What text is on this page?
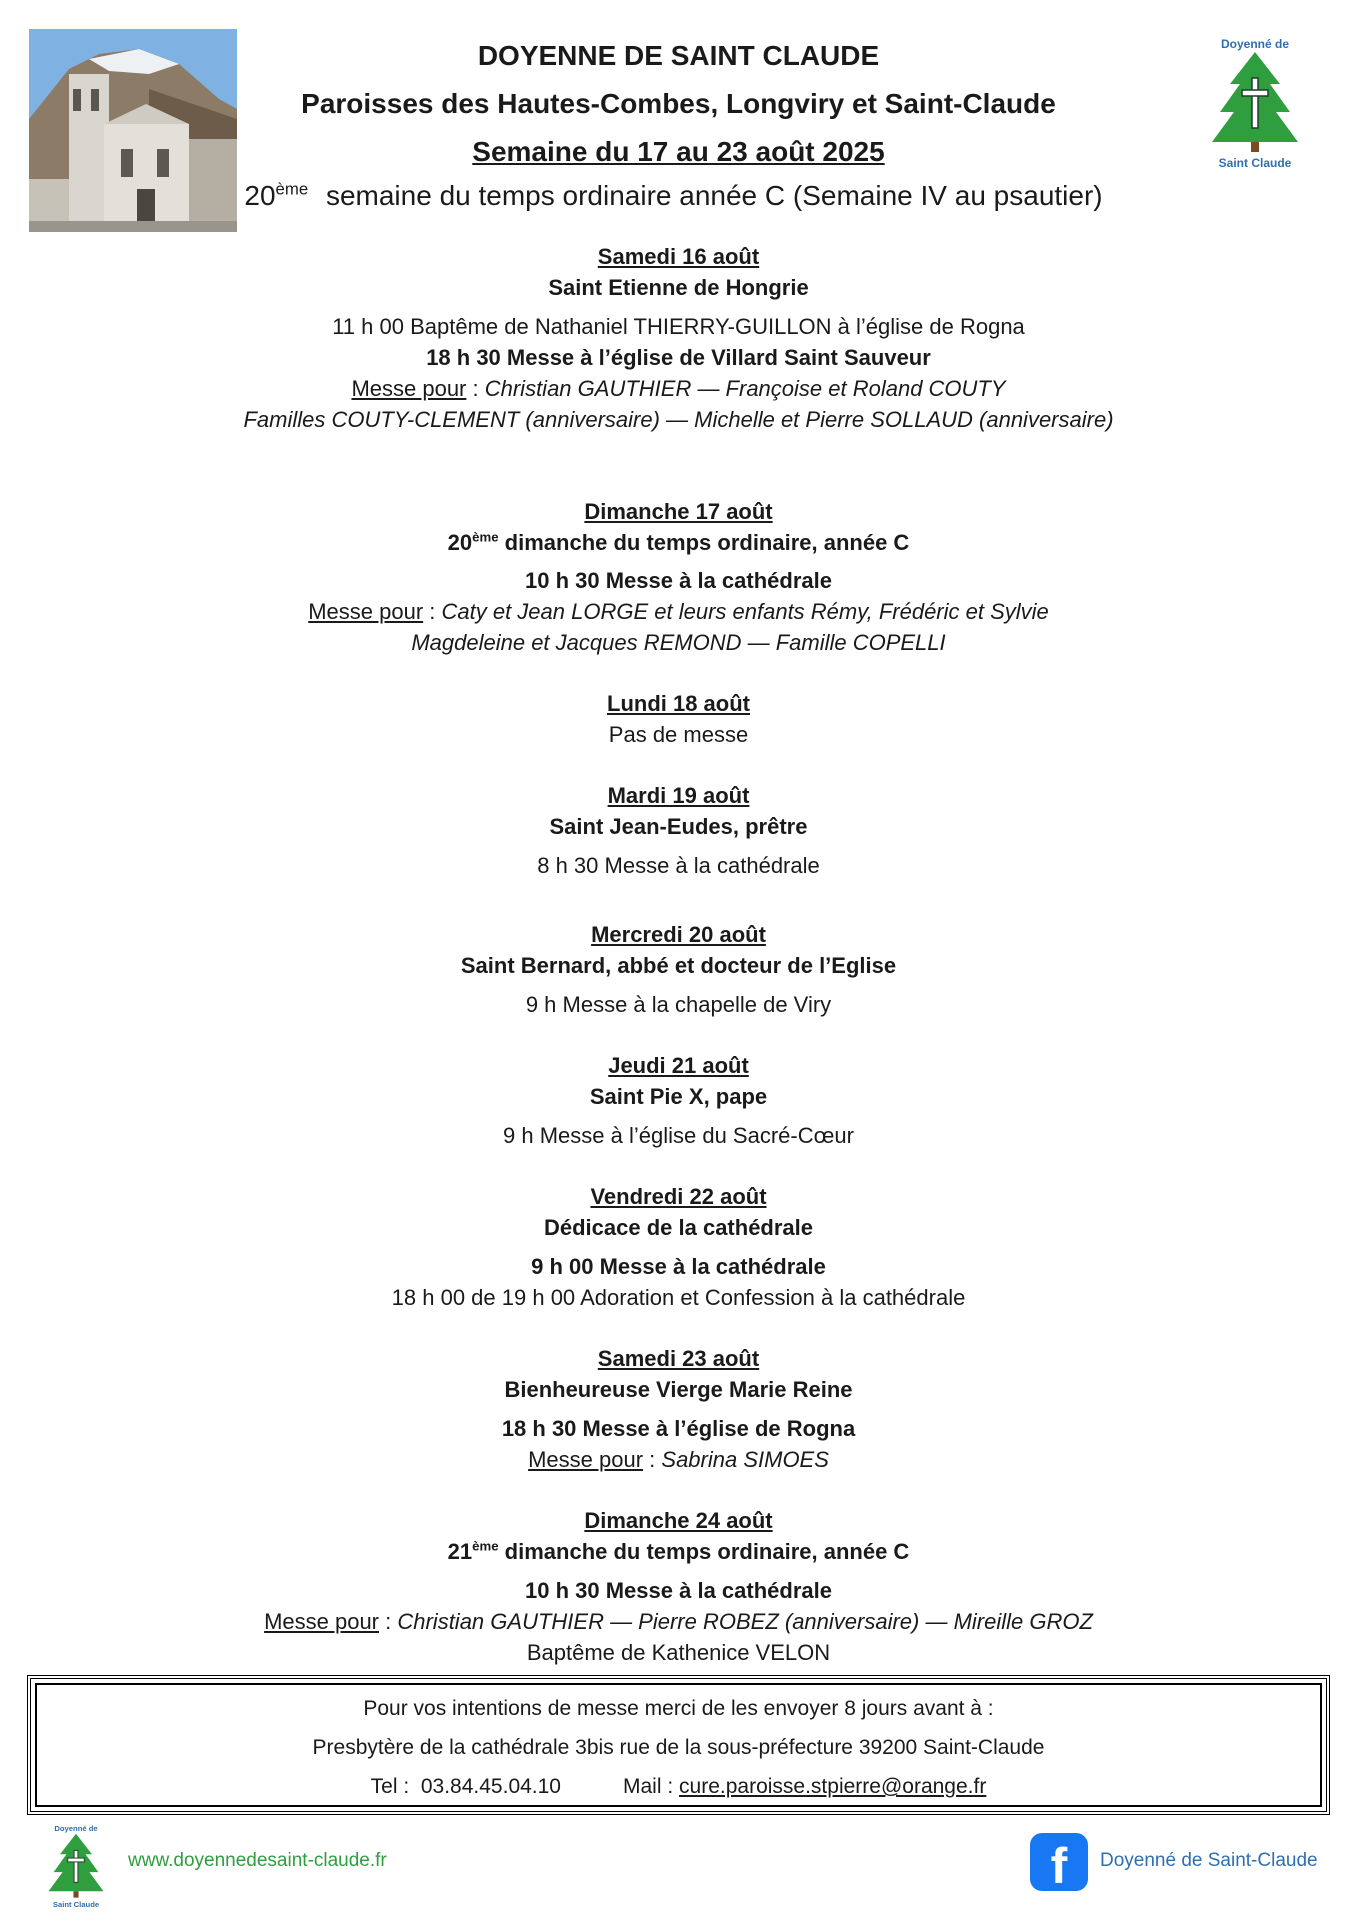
Doyenné de
Saint Claude
DOYENNE DE SAINT CLAUDE
Paroisses des Hautes-Combes, Longviry et Saint-Claude
Semaine du 17 au 23 août 2025
20ème semaine du temps ordinaire année C (Semaine IV au psautier)
Samedi 16 août
Saint Etienne de Hongrie
11 h 00 Baptême de Nathaniel THIERRY-GUILLON à l’église de Rogna
18 h 30 Messe à l’église de Villard Saint Sauveur
Messe pour : Christian GAUTHIER — Françoise et Roland COUTY
Familles COUTY-CLEMENT (anniversaire) — Michelle et Pierre SOLLAUD (anniversaire)
Dimanche 17 août
20ème dimanche du temps ordinaire, année C
10 h 30 Messe à la cathédrale
Messe pour : Caty et Jean LORGE et leurs enfants Rémy, Frédéric et Sylvie
Magdeleine et Jacques REMOND — Famille COPELLI
Lundi 18 août
Pas de messe
Mardi 19 août
Saint Jean-Eudes, prêtre
8 h 30 Messe à la cathédrale
Mercredi 20 août
Saint Bernard, abbé et docteur de l’Eglise
9 h Messe à la chapelle de Viry
Jeudi 21 août
Saint Pie X, pape
9 h Messe à l’église du Sacré-Cœur
Vendredi 22 août
Dédicace de la cathédrale
9 h 00 Messe à la cathédrale
18 h 00 de 19 h 00 Adoration et Confession à la cathédrale
Samedi 23 août
Bienheureuse Vierge Marie Reine
18 h 30 Messe à l’église de Rogna
Messe pour : Sabrina SIMOES
Dimanche 24 août
21ème dimanche du temps ordinaire, année C
10 h 30 Messe à la cathédrale
Messe pour : Christian GAUTHIER — Pierre ROBEZ (anniversaire) — Mireille GROZ
Baptême de Kathenice VELON
Pour vos intentions de messe merci de les envoyer 8 jours avant à :
Presbytère de la cathédrale 3bis rue de la sous-préfecture 39200 Saint-Claude
Tel : 03.84.45.04.10	Mail : cure.paroisse.stpierre@orange.fr
Doyenné de
Saint Claude
www.doyennedesaint-claude.fr	f	Doyenné de Saint-Claude
